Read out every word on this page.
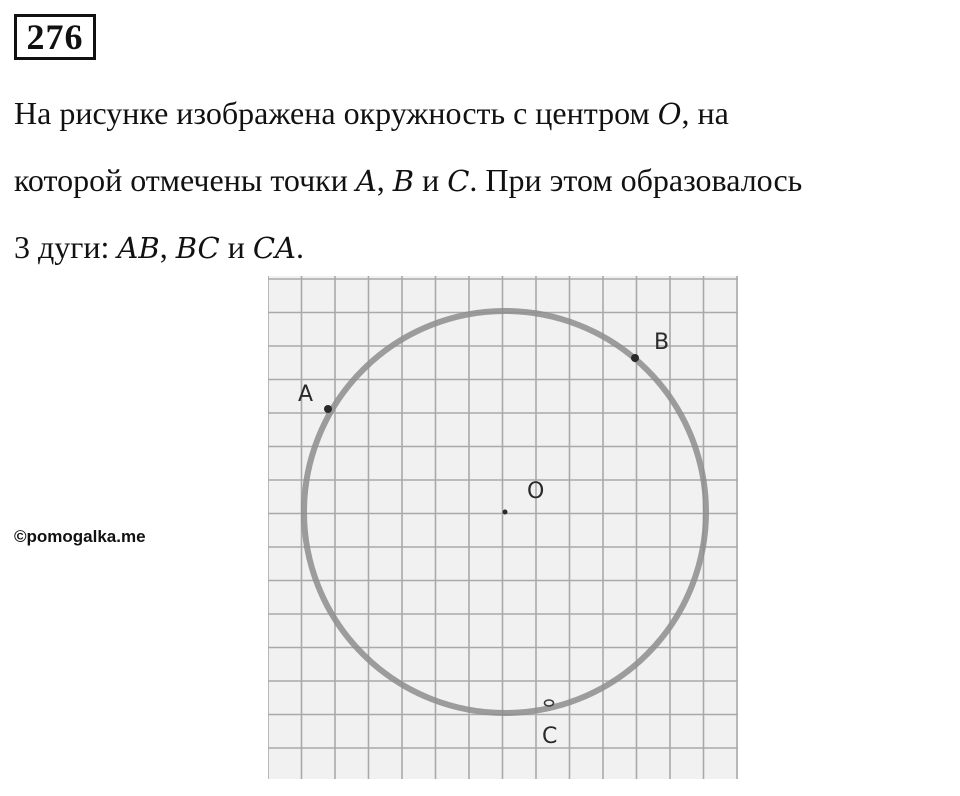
276

На рисунке изображена окружность с центром O, на
которой отмечены точки A, B и C. При этом образовалось
3 дуги: AB, BC и CA.

©pomogalka.me
A
B
C
O
